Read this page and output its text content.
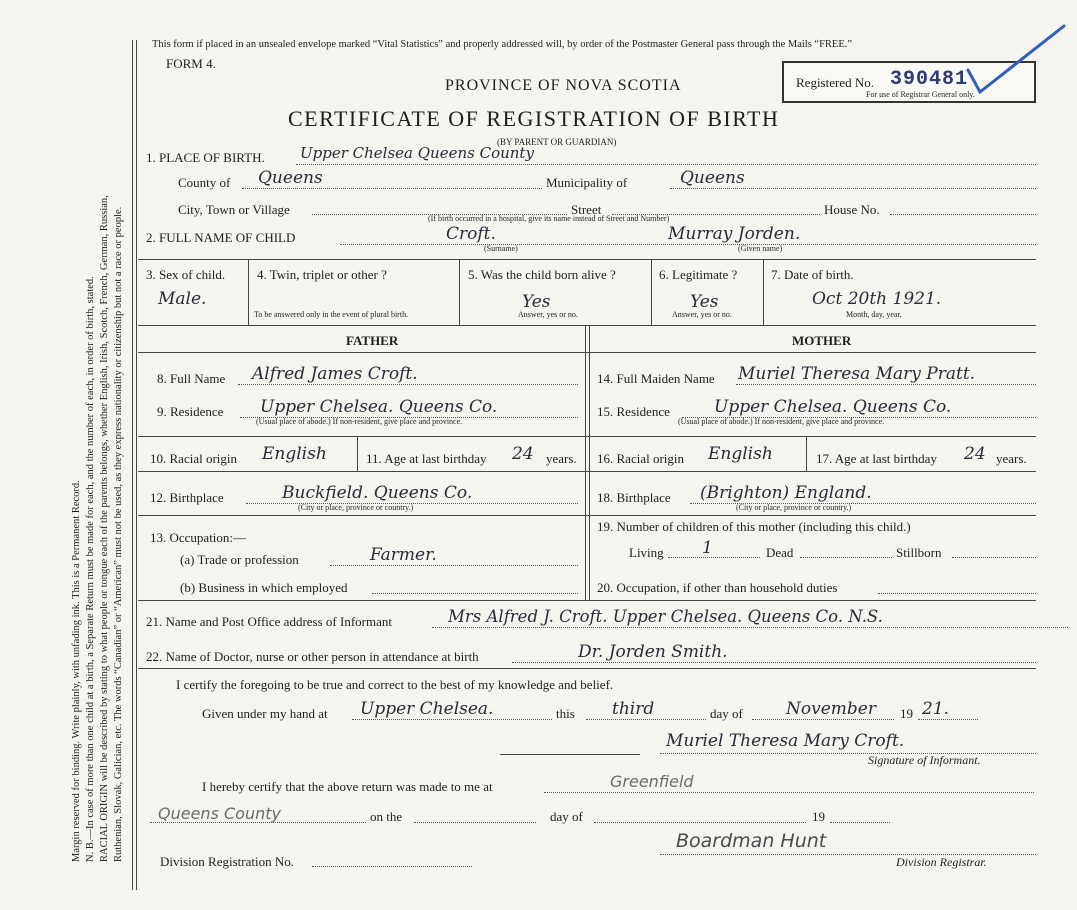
Margin reserved for binding. Write plainly, with unfading ink. This is a Permanent Record. N. B.—In case of more than one child at a birth, a Separate Return must be made for each, and the number of each, in order of birth, stated. RACIAL ORIGIN will be described by stating to what people or tongue each of the parents belongs, whether English, Irish, Scotch, French, German, Russian, Ruthenian, Slovak, Galician, etc. The words “Canadian” or “American” must not be used, as they express nationality or citizenship but not a race or people.
This form if placed in an unsealed envelope marked “Vital Statistics” and properly addressed will, by order of the Postmaster General pass through the Mails “FREE.”
FORM 4.
PROVINCE OF NOVA SCOTIA
CERTIFICATE OF REGISTRATION OF BIRTH
(BY PARENT OR GUARDIAN)
Registered No. 390481
For use of Registrar General only.
1. PLACE OF BIRTH. Upper Chelsea Queens County
County of Queens	Municipality of	Queens
City, Town or Village	Street	House No.
(If birth occurred in a hospital, give its name instead of Street and Number)
2. FULL NAME OF CHILD	Croft.	Murray Jorden.
(Surname)	(Given name)
3. Sex of child.
Male.
4. Twin, triplet or other ?
To be answered only in the event of plural birth.
5. Was the child born alive ?
Yes
Answer, yes or no.
6. Legitimate ?
Yes
Answer, yes or no.
7. Date of birth.
Oct 20th 1921.
Month, day, year.
FATHER	MOTHER
8. Full Name Alfred James Croft.
9. Residence Upper Chelsea. Queens Co.
(Usual place of abode.) If non-resident, give place and province.
10. Racial origin English	11. Age at last birthday 24 years.
12. Birthplace	Buckfield. Queens Co.
(City or place, province or country.)
13. Occupation:—
(a) Trade or profession	Farmer.
(b) Business in which employed
14. Full Maiden Name Muriel Theresa Mary Pratt.
15. Residence	Upper Chelsea. Queens Co.
(Usual place of abode.) If non-resident, give place and province.
16. Racial origin English	17. Age at last birthday 24 years.
18. Birthplace (Brighton) England.
(City or place, province or country.)
19. Number of children of this mother (including this child.)
Living 1	Dead	Stillborn
20. Occupation, if other than household duties
21. Name and Post Office address of Informant	Mrs Alfred J. Croft. Upper Chelsea. Queens Co. N.S.
22. Name of Doctor, nurse or other person in attendance at birth	Dr. Jorden Smith.
I certify the foregoing to be true and correct to the best of my knowledge and belief.
Given under my hand at Upper Chelsea.	this third	day of	November 19 21.
Muriel Theresa Mary Croft.
Signature of Informant.
I hereby certify that the above return was made to me at	Greenfield
Queens County	on the	day of	19
Division Registration No.
Boardman Hunt
Division Registrar.
